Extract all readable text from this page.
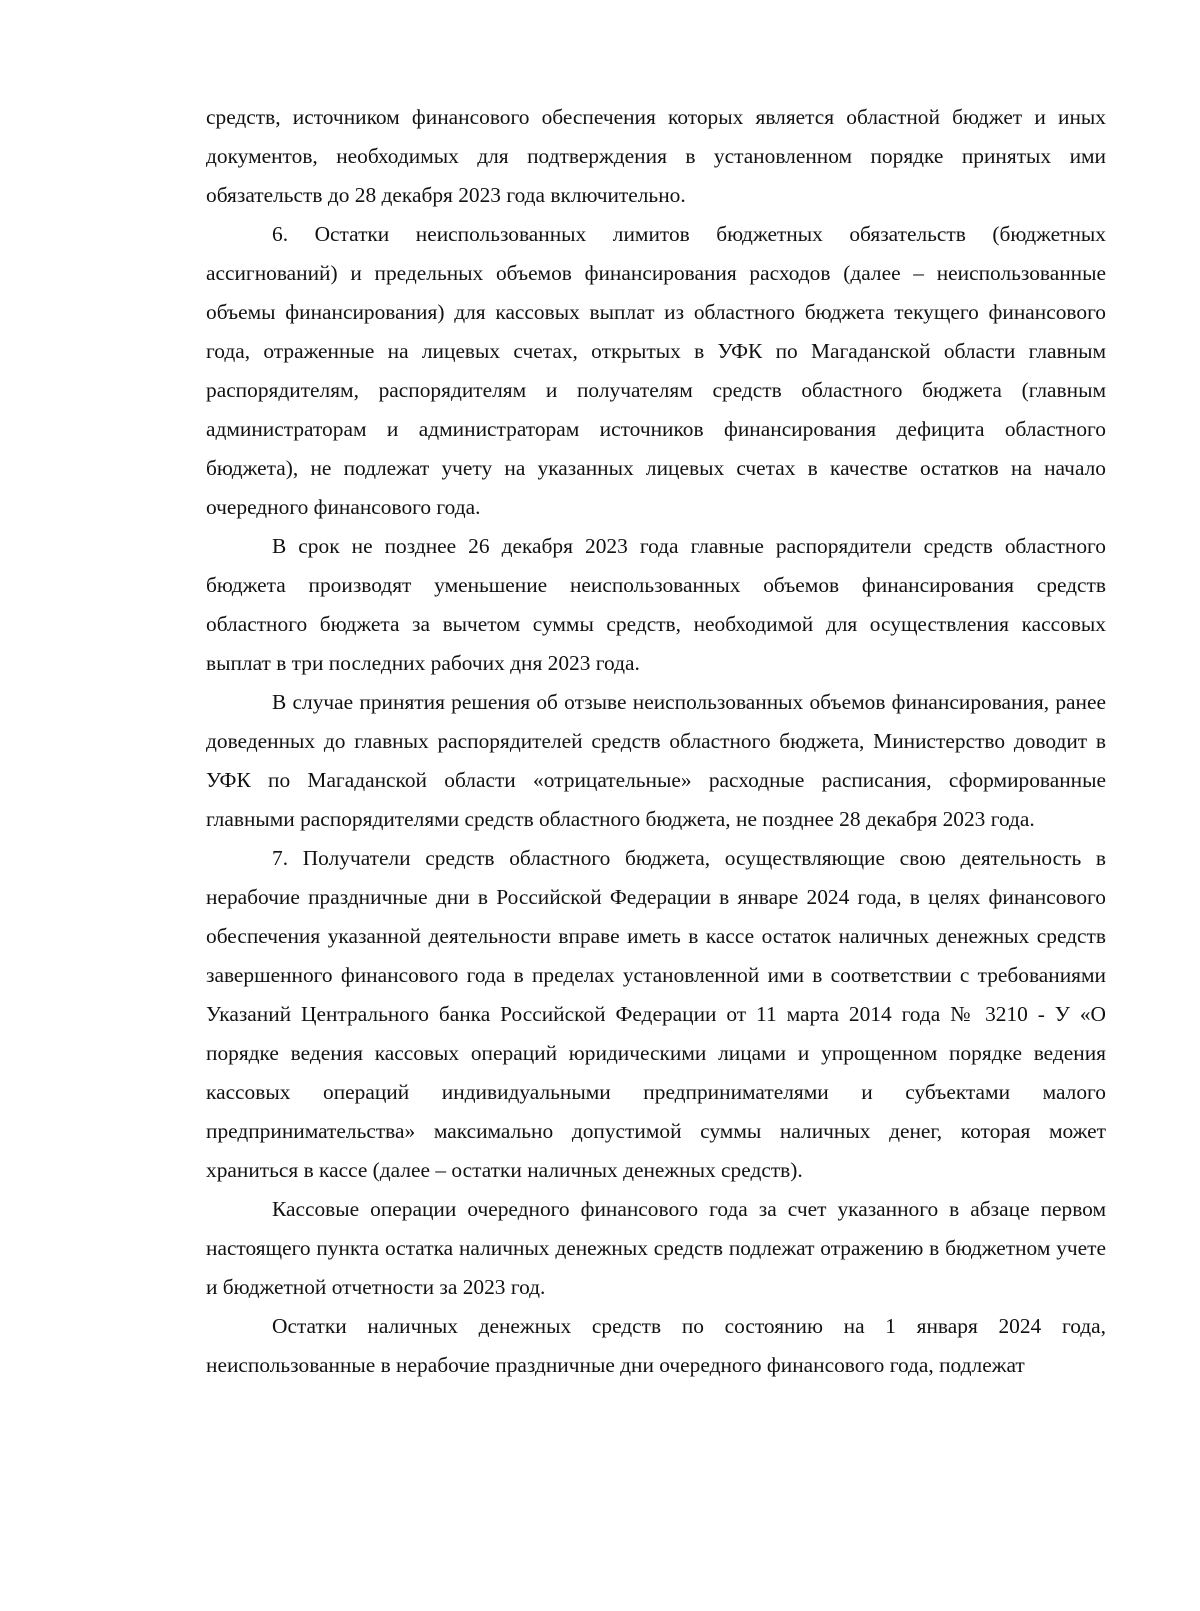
средств, источником финансового обеспечения которых является областной бюджет и иных документов, необходимых для подтверждения в установленном порядке принятых ими обязательств до 28 декабря 2023 года включительно.

6. Остатки неиспользованных лимитов бюджетных обязательств (бюджетных ассигнований) и предельных объемов финансирования расходов (далее – неиспользованные объемы финансирования) для кассовых выплат из областного бюджета текущего финансового года, отраженные на лицевых счетах, открытых в УФК по Магаданской области главным распорядителям, распорядителям и получателям средств областного бюджета (главным администраторам и администраторам источников финансирования дефицита областного бюджета), не подлежат учету на указанных лицевых счетах в качестве остатков на начало очередного финансового года.

В срок не позднее 26 декабря 2023 года главные распорядители средств областного бюджета производят уменьшение неиспользованных объемов финансирования средств областного бюджета за вычетом суммы средств, необходимой для осуществления кассовых выплат в три последних рабочих дня 2023 года.

В случае принятия решения об отзыве неиспользованных объемов финансирования, ранее доведенных до главных распорядителей средств областного бюджета, Министерство доводит в УФК по Магаданской области «отрицательные» расходные расписания, сформированные главными распорядителями средств областного бюджета, не позднее 28 декабря 2023 года.

7. Получатели средств областного бюджета, осуществляющие свою деятельность в нерабочие праздничные дни в Российской Федерации в январе 2024 года, в целях финансового обеспечения указанной деятельности вправе иметь в кассе остаток наличных денежных средств завершенного финансового года в пределах установленной ими в соответствии с требованиями Указаний Центрального банка Российской Федерации от 11 марта 2014 года № 3210 - У «О порядке ведения кассовых операций юридическими лицами и упрощенном порядке ведения кассовых операций индивидуальными предпринимателями и субъектами малого предпринимательства» максимально допустимой суммы наличных денег, которая может храниться в кассе (далее – остатки наличных денежных средств).

Кассовые операции очередного финансового года за счет указанного в абзаце первом настоящего пункта остатка наличных денежных средств подлежат отражению в бюджетном учете и бюджетной отчетности за 2023 год.

Остатки наличных денежных средств по состоянию на 1 января 2024 года, неиспользованные в нерабочие праздничные дни очередного финансового года, подлежат
